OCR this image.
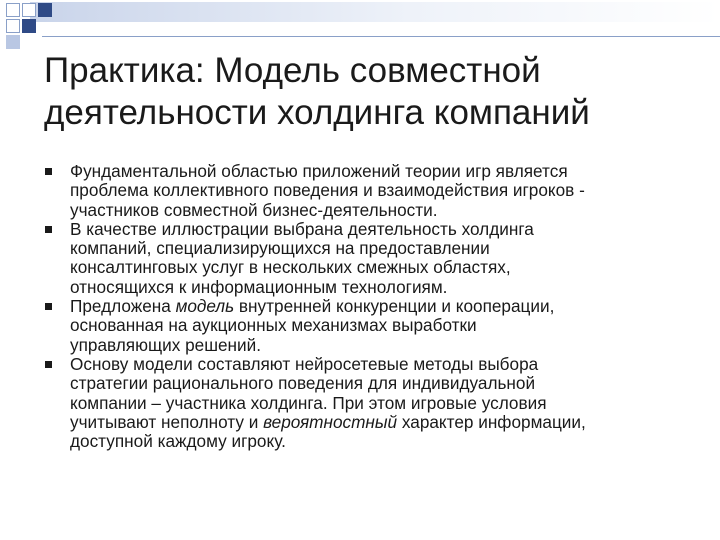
Практика: Модель совместной
деятельности холдинга компаний
Фундаментальной областью приложений теории игр является
проблема коллективного поведения и взаимодействия игроков -
участников совместной бизнес-деятельности.
В качестве иллюстрации выбрана деятельность холдинга
компаний, специализирующихся на предоставлении
консалтинговых услуг в нескольких смежных областях,
относящихся к информационным технологиям.
Предложена модель внутренней конкуренции и кооперации,
основанная на аукционных механизмах выработки
управляющих решений.
Основу модели составляют нейросетевые методы выбора
стратегии рационального поведения для индивидуальной
компании – участника холдинга. При этом игровые условия
учитывают неполноту и вероятностный характер информации,
доступной каждому игроку.
